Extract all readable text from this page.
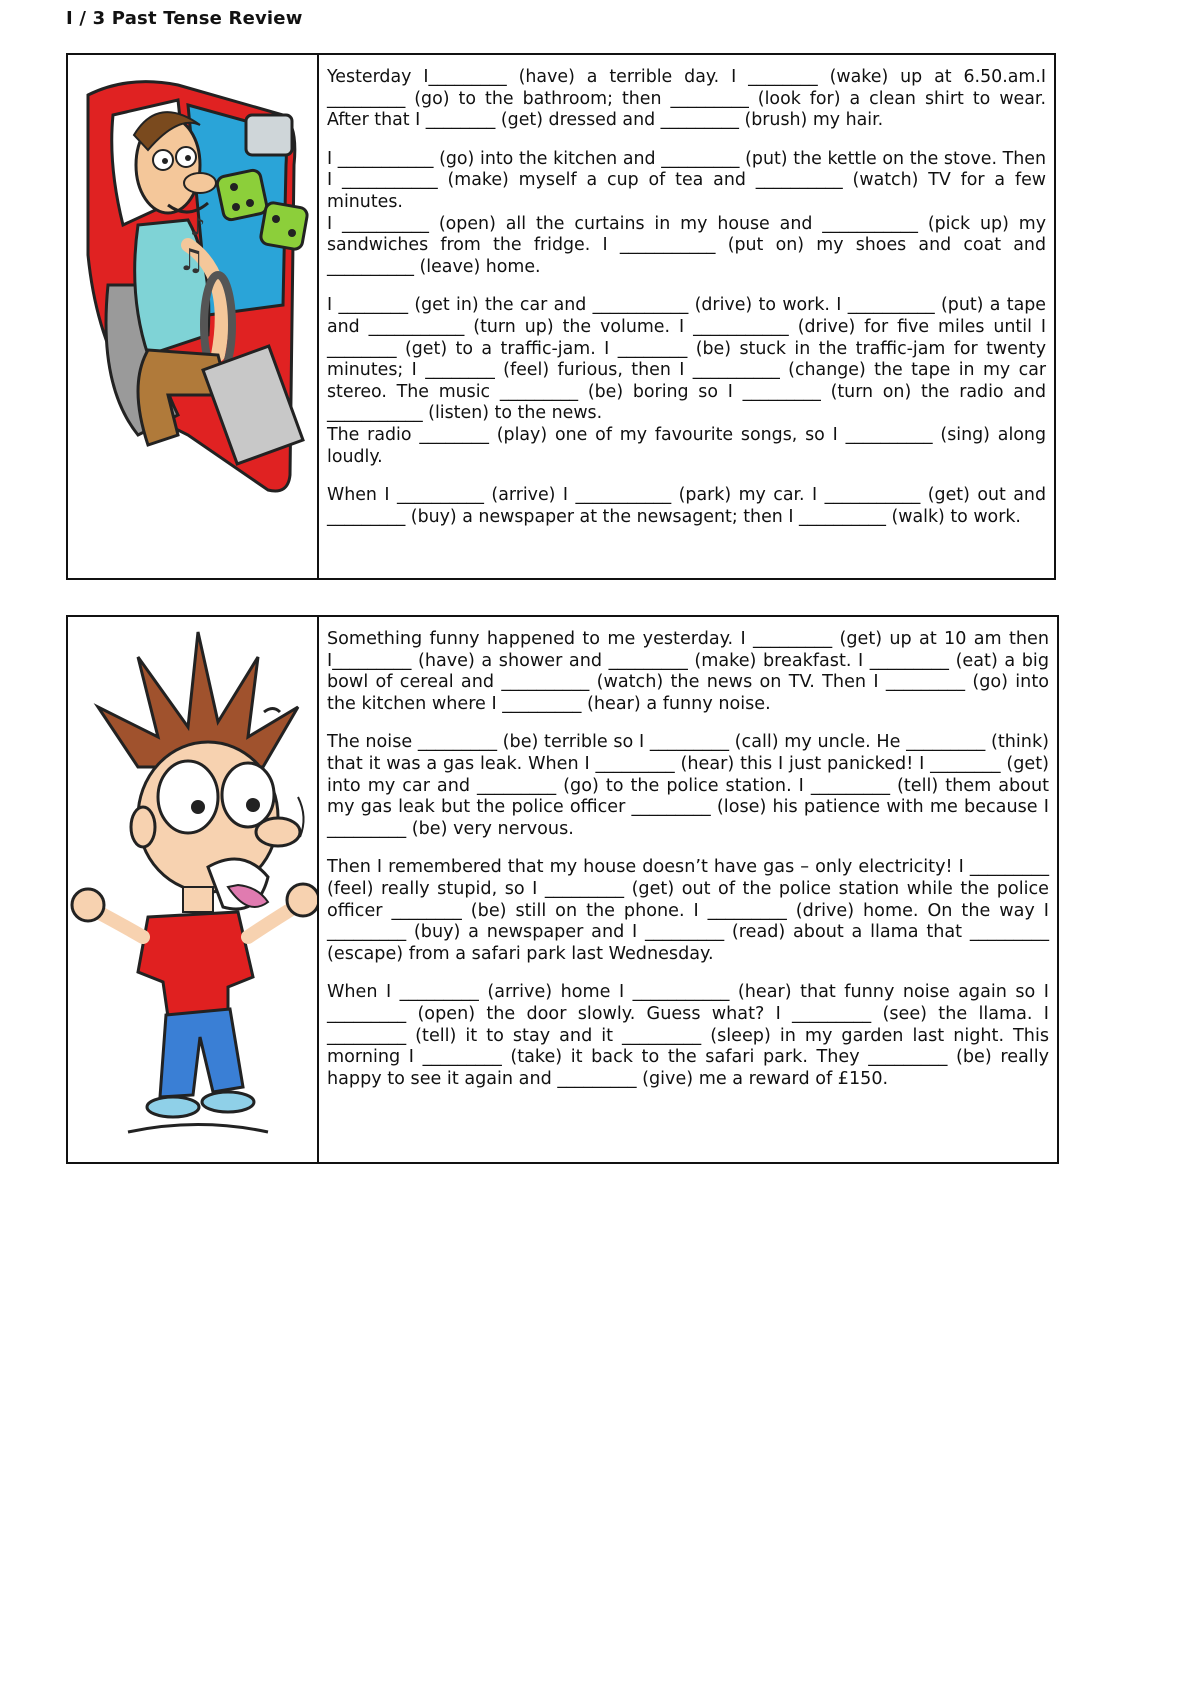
I / 3 Past Tense Review
♫
♪

Yesterday I_________ (have) a terrible day. I ________ (wake) up at 6.50.am.I _________ (go) to the bathroom; then _________ (look for) a clean shirt to wear. After that I ________ (get) dressed and _________ (brush) my hair.

I ___________ (go) into the kitchen and _________ (put) the kettle on the stove. Then I ___________ (make) myself a cup of tea and __________ (watch) TV for a few minutes.
I __________ (open) all the curtains in my house and ___________ (pick up) my sandwiches from the fridge. I ___________ (put on) my shoes and coat and __________ (leave) home.

I ________ (get in) the car and ___________ (drive) to work. I __________ (put) a tape and ___________ (turn up) the volume. I ___________ (drive) for five miles until I ________ (get) to a traffic-jam. I ________ (be) stuck in the traffic-jam for twenty minutes; I ________ (feel) furious, then I __________ (change) the tape in my car stereo. The music _________ (be) boring so I _________ (turn on) the radio and ___________ (listen) to the news.
The radio ________ (play) one of my favourite songs, so I __________ (sing) along loudly.

When I __________ (arrive) I ___________ (park) my car. I ___________ (get) out and _________ (buy) a newspaper at the newsagent; then I __________ (walk) to work.

Something funny happened to me yesterday. I _________ (get) up at 10 am then I_________ (have) a shower and _________ (make) breakfast. I _________ (eat) a big bowl of cereal and __________ (watch) the news on TV. Then I _________ (go) into the kitchen where I _________ (hear) a funny noise.

The noise _________ (be) terrible so I _________ (call) my uncle. He _________ (think) that it was a gas leak. When I _________ (hear) this I just panicked! I ________ (get) into my car and _________ (go) to the police station. I _________ (tell) them about my gas leak but the police officer _________ (lose) his patience with me because I _________ (be) very nervous.

Then I remembered that my house doesn’t have gas – only electricity! I _________ (feel) really stupid, so I _________ (get) out of the police station while the police officer ________ (be) still on the phone. I _________ (drive) home. On the way I _________ (buy) a newspaper and I _________ (read) about a llama that _________ (escape) from a safari park last Wednesday.

When I _________ (arrive) home I ___________ (hear) that funny noise again so I _________ (open) the door slowly. Guess what? I _________ (see) the llama. I _________ (tell) it to stay and it _________ (sleep) in my garden last night. This morning I _________ (take) it back to the safari park. They _________ (be) really happy to see it again and _________ (give) me a reward of £150.
